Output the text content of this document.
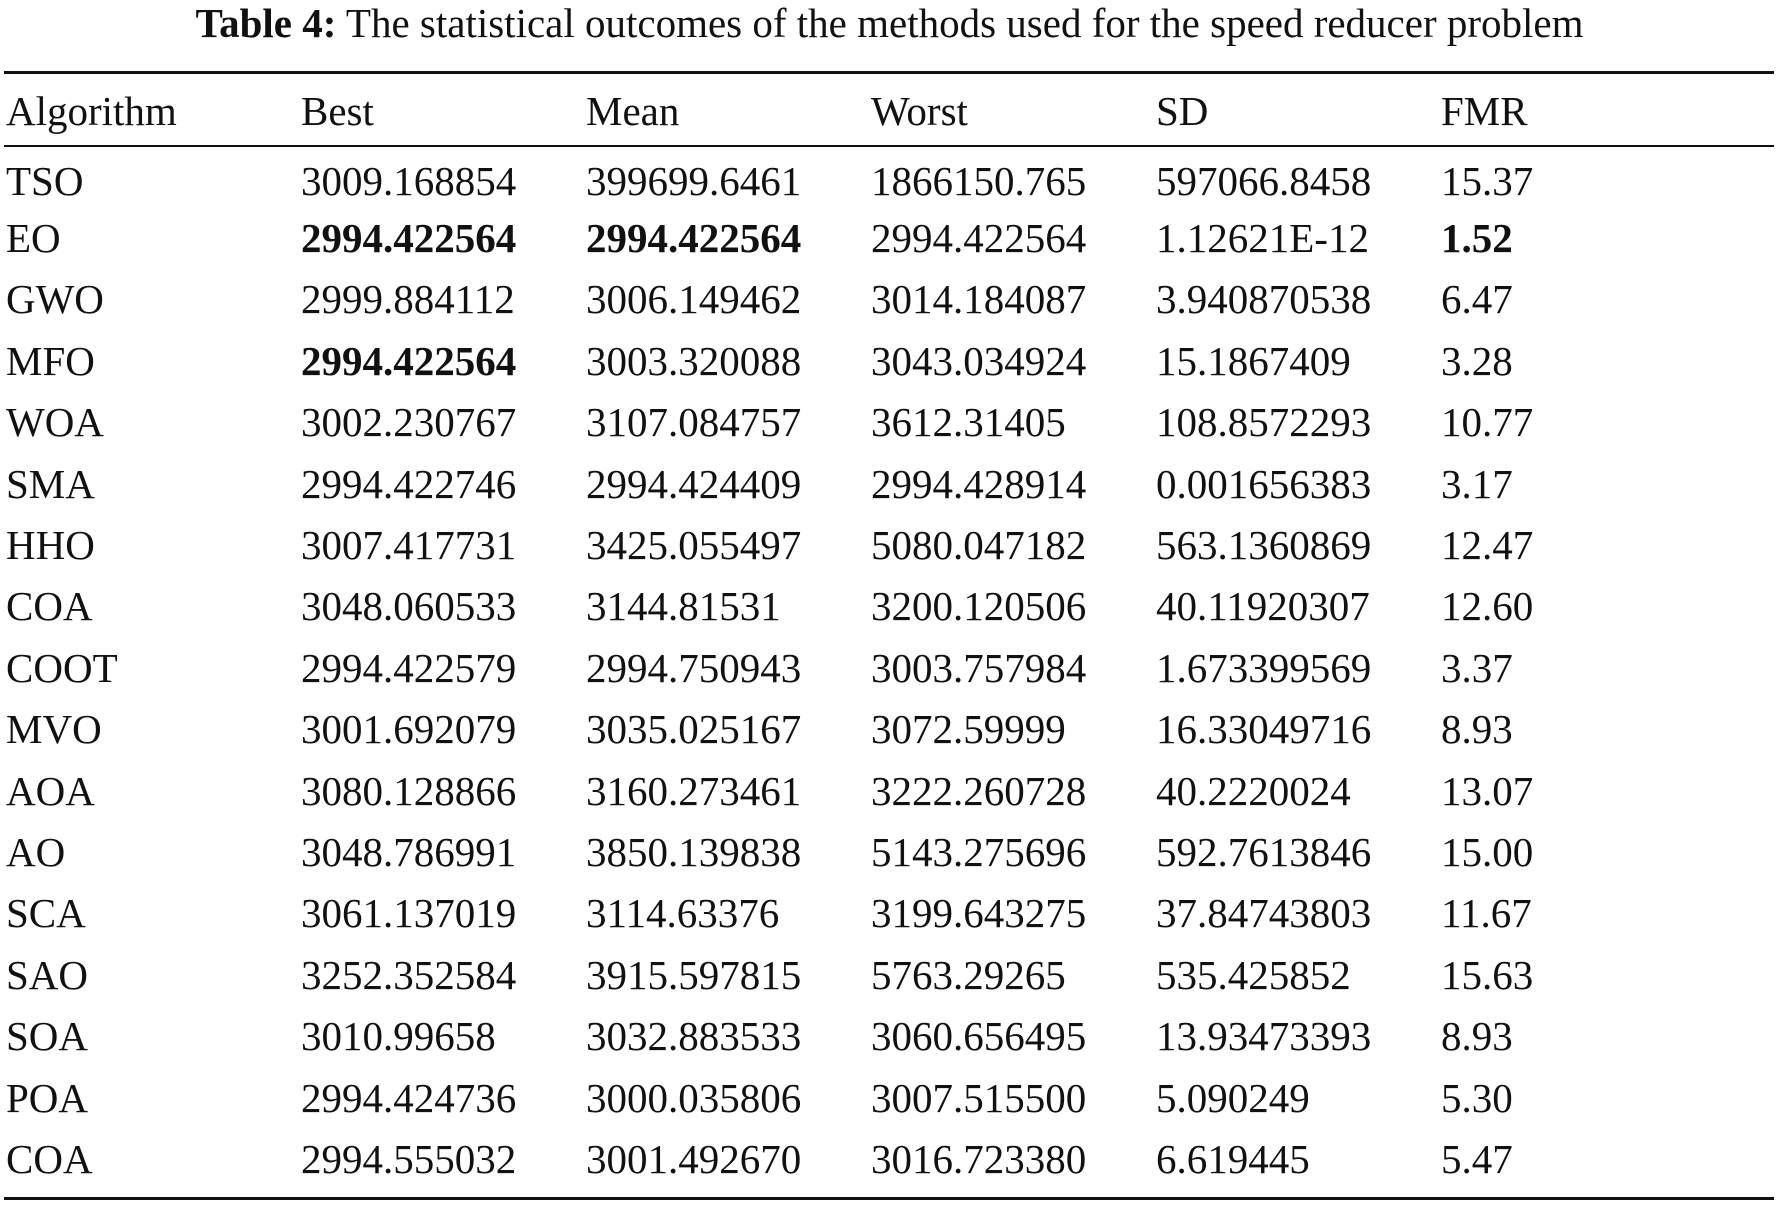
Table 4: The statistical outcomes of the methods used for the speed reducer problem
Algorithm	Best	Mean	Worst	SD	FMR
TSO	3009.168854	399699.6461	1866150.765	597066.8458	15.37
EO	2994.422564	2994.422564	2994.422564	1.12621E-12	1.52
GWO	2999.884112	3006.149462	3014.184087	3.940870538	6.47
MFO	2994.422564	3003.320088	3043.034924	15.1867409	3.28
WOA	3002.230767	3107.084757	3612.31405	108.8572293	10.77
SMA	2994.422746	2994.424409	2994.428914	0.001656383	3.17
HHO	3007.417731	3425.055497	5080.047182	563.1360869	12.47
COA	3048.060533	3144.81531	3200.120506	40.11920307	12.60
COOT	2994.422579	2994.750943	3003.757984	1.673399569	3.37
MVO	3001.692079	3035.025167	3072.59999	16.33049716	8.93
AOA	3080.128866	3160.273461	3222.260728	40.2220024	13.07
AO	3048.786991	3850.139838	5143.275696	592.7613846	15.00
SCA	3061.137019	3114.63376	3199.643275	37.84743803	11.67
SAO	3252.352584	3915.597815	5763.29265	535.425852	15.63
SOA	3010.99658	3032.883533	3060.656495	13.93473393	8.93
POA	2994.424736	3000.035806	3007.515500	5.090249	5.30
COA	2994.555032	3001.492670	3016.723380	6.619445	5.47
